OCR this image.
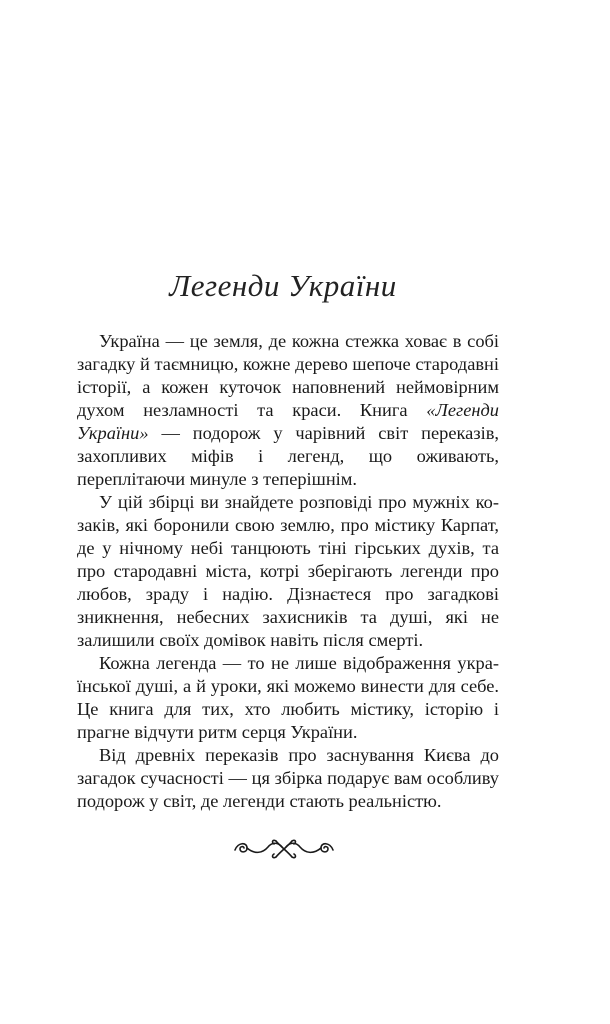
Легенди України

Україна — це земля, де кожна стежка ховає в собі загадку й таємницю, кожне дерево шепоче стародавні історії, а кожен куточок наповнений неймовірним духом незламності та краси. Книга «Легенди України» — подорож у чарівний світ переказів, захопливих міфів і легенд, що оживають, переплітаючи минуле з теперішнім.

У цій збірці ви знайдете розповіді про мужніх козаків, які боронили свою землю, про містику Карпат, де у нічному небі танцюють тіні гірських духів, та про стародавні міста, котрі зберігають легенди про любов, зраду і надію. Дізнаєтеся про загадкові зникнення, небесних захисників та душі, які не залишили своїх домівок навіть після смерті.

Кожна легенда — то не лише відображення української душі, а й уроки, які можемо винести для себе. Це книга для тих, хто любить містику, історію і прагне відчути ритм серця України.

Від древніх переказів про заснування Києва до загадок сучасності — ця збірка подарує вам особливу подорож у світ, де легенди стають реальністю.
